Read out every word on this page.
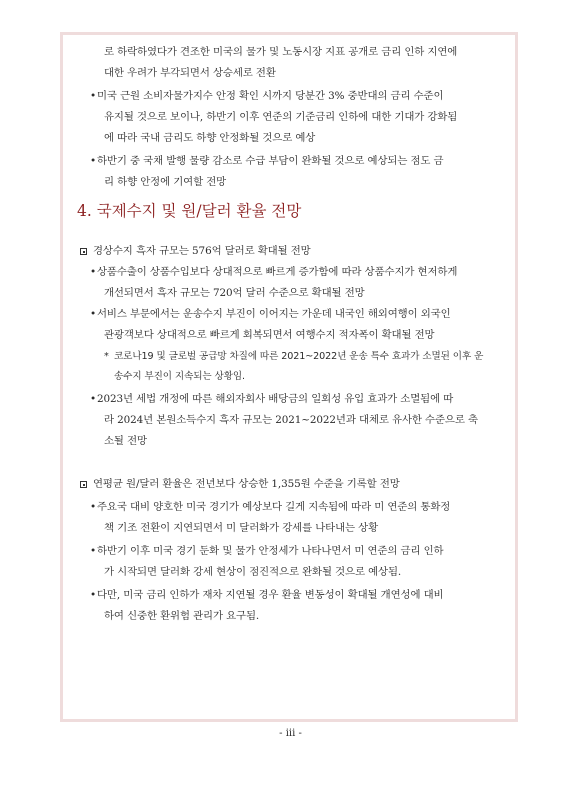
로 하락하였다가 견조한 미국의 물가 및 노동시장 지표 공개로 금리 인하 지연에

대한 우려가 부각되면서 상승세로 전환

• 미국 근원 소비자물가지수 안정 확인 시까지 당분간 3% 중반대의 금리 수준이

유지될 것으로 보이나, 하반기 이후 연준의 기준금리 인하에 대한 기대가 강화됨

에 따라 국내 금리도 하향 안정화될 것으로 예상

• 하반기 중 국채 발행 물량 감소로 수급 부담이 완화될 것으로 예상되는 점도 금

리 하향 안정에 기여할 전망

4. 국제수지 및 원/달러 환율 전망

경상수지 흑자 규모는 576억 달러로 확대될 전망

• 상품수출이 상품수입보다 상대적으로 빠르게 증가함에 따라 상품수지가 현저하게

개선되면서 흑자 규모는 720억 달러 수준으로 확대될 전망

• 서비스 부문에서는 운송수지 부진이 이어지는 가운데 내국인 해외여행이 외국인

관광객보다 상대적으로 빠르게 회복되면서 여행수지 적자폭이 확대될 전망

* 코로나19 및 글로벌 공급망 차질에 따른 2021~2022년 운송 특수 효과가 소멸된 이후 운

송수지 부진이 지속되는 상황임.

• 2023년 세법 개정에 따른 해외자회사 배당금의 일회성 유입 효과가 소멸됨에 따

라 2024년 본원소득수지 흑자 규모는 2021~2022년과 대체로 유사한 수준으로 축

소될 전망

연평균 원/달러 환율은 전년보다 상승한 1,355원 수준을 기록할 전망

• 주요국 대비 양호한 미국 경기가 예상보다 길게 지속됨에 따라 미 연준의 통화정

책 기조 전환이 지연되면서 미 달러화가 강세를 나타내는 상황

• 하반기 이후 미국 경기 둔화 및 물가 안정세가 나타나면서 미 연준의 금리 인하

가 시작되면 달러화 강세 현상이 점진적으로 완화될 것으로 예상됨.

• 다만, 미국 금리 인하가 재차 지연될 경우 환율 변동성이 확대될 개연성에 대비

하여 신중한 환위험 관리가 요구됨.

- iii -
